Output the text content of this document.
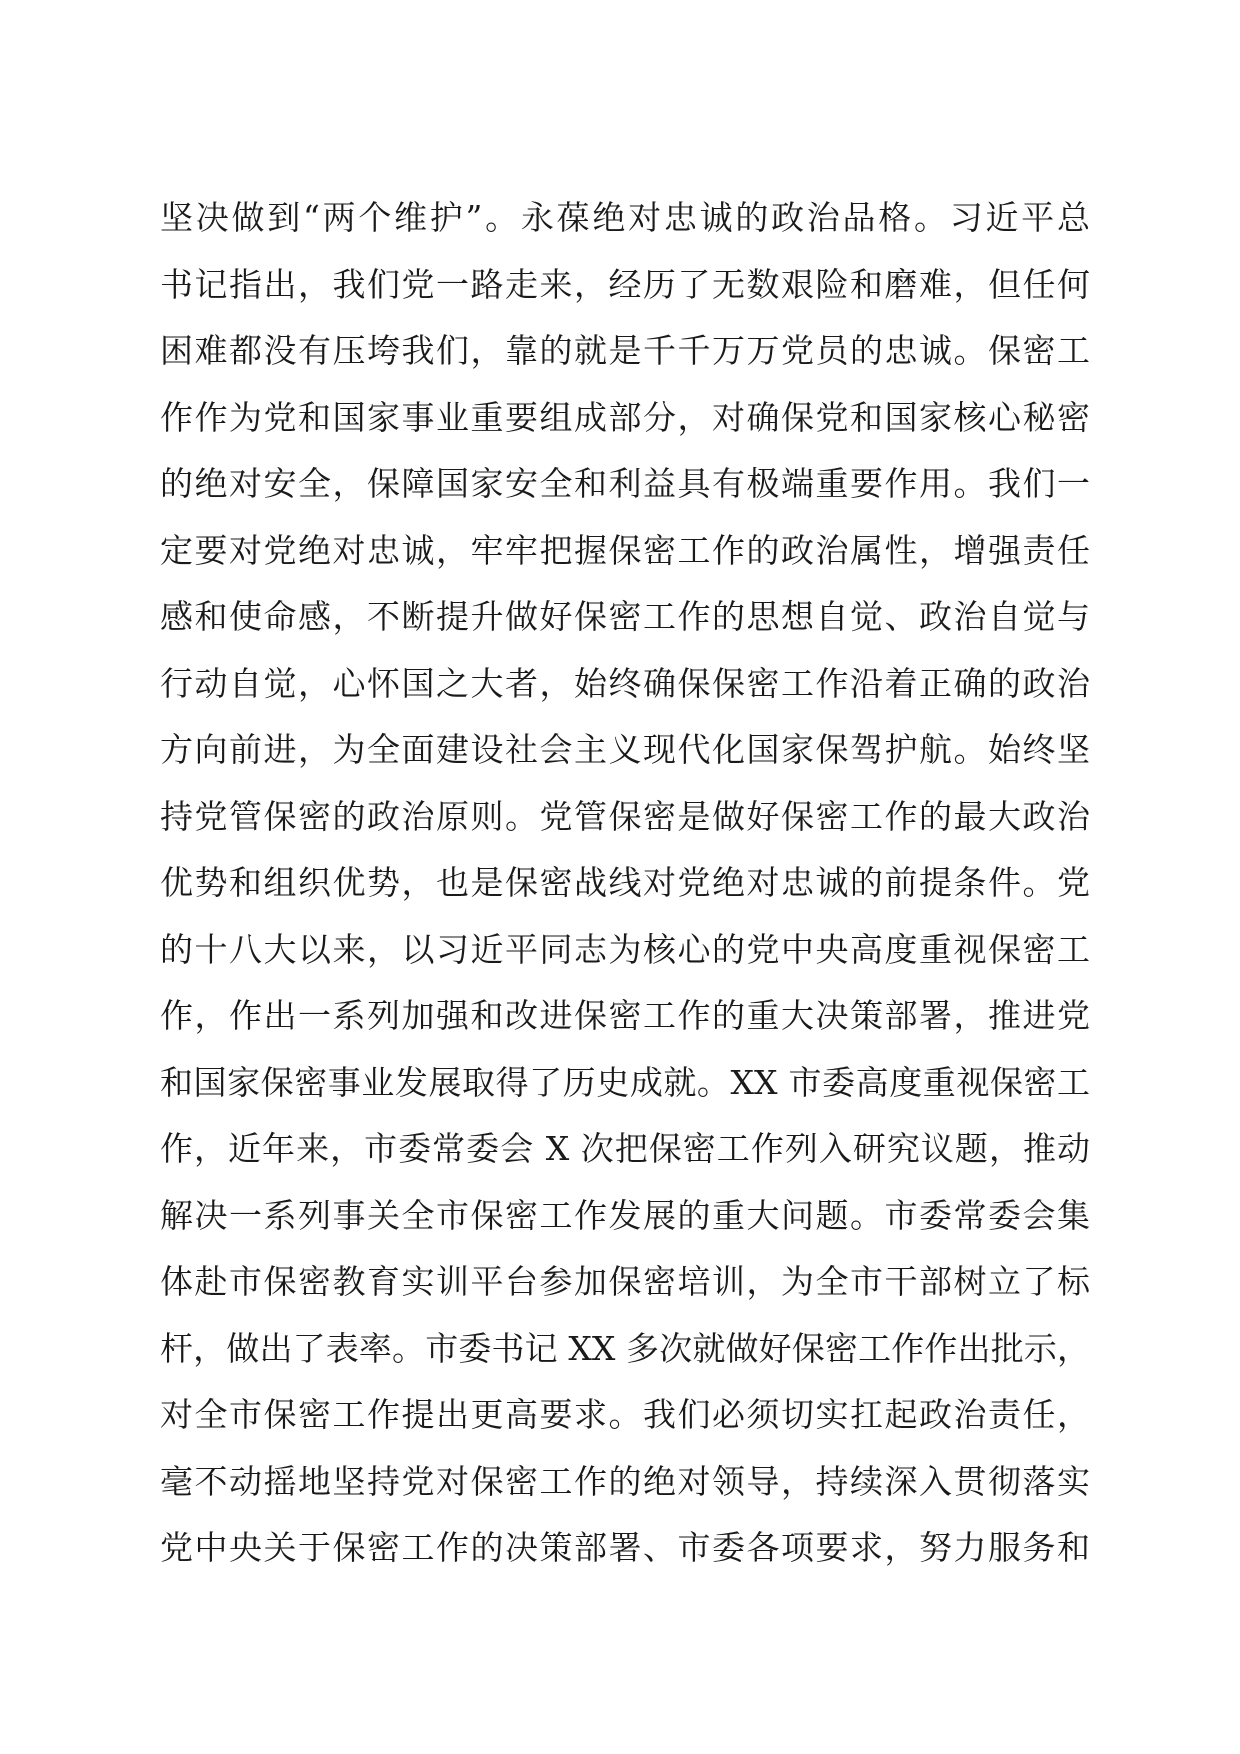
坚决做到“两个维护”。永葆绝对忠诚的政治品格。习近平总
书记指出，我们党一路走来，经历了无数艰险和磨难，但任何
困难都没有压垮我们，靠的就是千千万万党员的忠诚。保密工
作作为党和国家事业重要组成部分，对确保党和国家核心秘密
的绝对安全，保障国家安全和利益具有极端重要作用。我们一
定要对党绝对忠诚，牢牢把握保密工作的政治属性，增强责任
感和使命感，不断提升做好保密工作的思想自觉、政治自觉与
行动自觉，心怀国之大者，始终确保保密工作沿着正确的政治
方向前进，为全面建设社会主义现代化国家保驾护航。始终坚
持党管保密的政治原则。党管保密是做好保密工作的最大政治
优势和组织优势，也是保密战线对党绝对忠诚的前提条件。党
的十八大以来，以习近平同志为核心的党中央高度重视保密工
作，作出一系列加强和改进保密工作的重大决策部署，推进党
和国家保密事业发展取得了历史成就。XX 市委高度重视保密工
作，近年来，市委常委会 X 次把保密工作列入研究议题，推动
解决一系列事关全市保密工作发展的重大问题。市委常委会集
体赴市保密教育实训平台参加保密培训，为全市干部树立了标
杆，做出了表率。市委书记 XX 多次就做好保密工作作出批示，
对全市保密工作提出更高要求。我们必须切实扛起政治责任，
毫不动摇地坚持党对保密工作的绝对领导，持续深入贯彻落实
党中央关于保密工作的决策部署、市委各项要求，努力服务和
